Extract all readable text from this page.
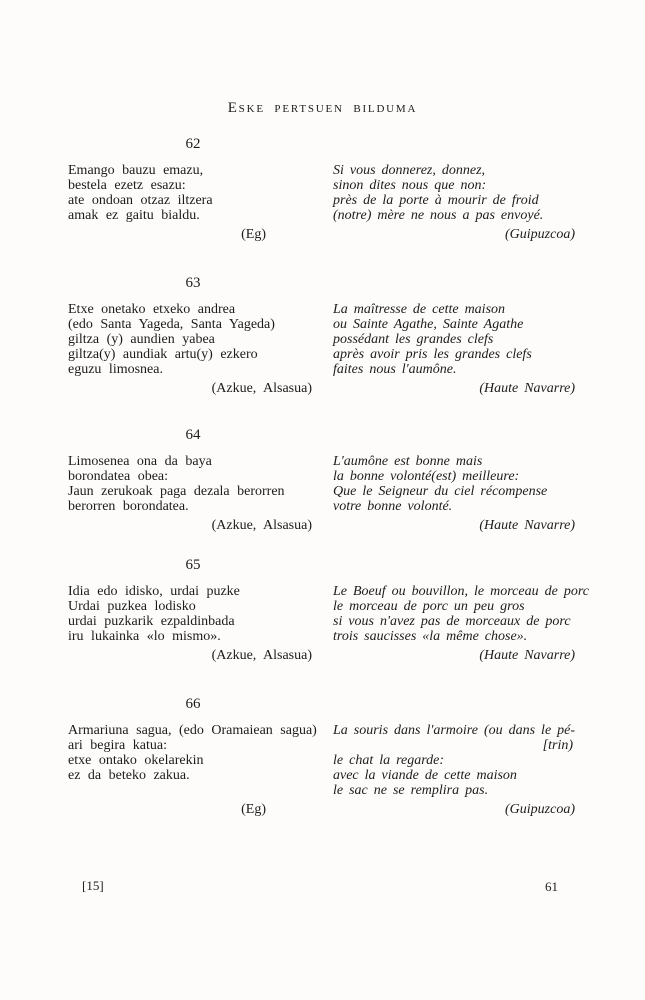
Eske pertsuen bilduma
62
Emango bauzu emazu,
bestela ezetz esazu:
ate ondoan otzaz iltzera
amak ez gaitu bialdu.
(Eg)
Si vous donnerez, donnez,
sinon dites nous que non:
près de la porte à mourir de froid
(notre) mère ne nous a pas envoyé.
(Guipuzcoa)
63
Etxe onetako etxeko andrea
(edo Santa Yageda, Santa Yageda)
giltza (y) aundien yabea
giltza(y) aundiak artu(y) ezkero
eguzu limosnea.
(Azkue, Alsasua)
La maîtresse de cette maison
ou Sainte Agathe, Sainte Agathe
possédant les grandes clefs
après avoir pris les grandes clefs
faites nous l'aumône.
(Haute Navarre)
64
Limosenea ona da baya
borondatea obea:
Jaun zerukoak paga dezala berorren
berorren borondatea.
(Azkue, Alsasua)
L'aumône est bonne mais
la bonne volonté(est) meilleure:
Que le Seigneur du ciel récompense
votre bonne volonté.
(Haute Navarre)
65
Idia edo idisko, urdai puzke
Urdai puzkea lodisko
urdai puzkarik ezpaldinbada
iru lukainka «lo mismo».
(Azkue, Alsasua)
Le Boeuf ou bouvillon, le morceau de porc
le morceau de porc un peu gros
si vous n'avez pas de morceaux de porc
trois saucisses «la même chose».
(Haute Navarre)
66
Armariuna sagua, (edo Oramaiean sagua)
ari begira katua:
etxe ontako okelarekin
ez da beteko zakua.
(Eg)
La souris dans l'armoire (ou dans le pé-
[trin)
le chat la regarde:
avec la viande de cette maison
le sac ne se remplira pas.
(Guipuzcoa)
[15]	61
